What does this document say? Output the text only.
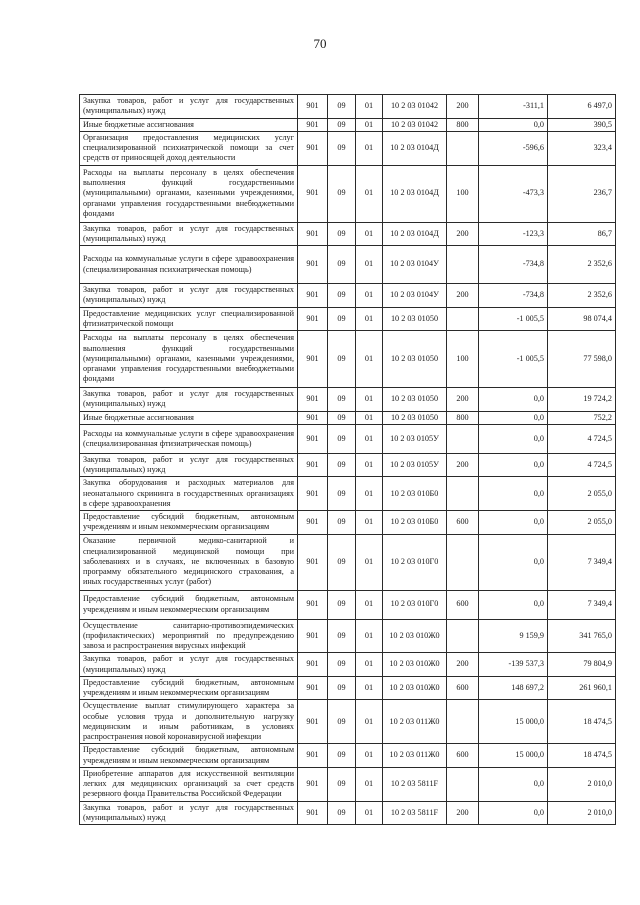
70
Закупка товаров, работ и услуг для государственных (муниципальных) нужд	901	09	01	10 2 03 01042	200	-311,1	6 497,0
Иные бюджетные ассигнования	901	09	01	10 2 03 01042	800	0,0	390,5
Организация предоставления медицинских услуг специализированной психиатрической помощи за счет средств от приносящей доход деятельности	901	09	01	10 2 03 0104Д		-596,6	323,4
Расходы на выплаты персоналу в целях обеспечения выполнения функций государственными (муниципальными) органами, казенными учреждениями, органами управления государственными внебюджетными фондами	901	09	01	10 2 03 0104Д	100	-473,3	236,7
Закупка товаров, работ и услуг для государственных (муниципальных) нужд	901	09	01	10 2 03 0104Д	200	-123,3	86,7
Расходы на коммунальные услуги в сфере здравоохранения (специализированная психиатрическая помощь)	901	09	01	10 2 03 0104У		-734,8	2 352,6
Закупка товаров, работ и услуг для государственных (муниципальных) нужд	901	09	01	10 2 03 0104У	200	-734,8	2 352,6
Предоставление медицинских услуг специализированной фтизиатрической помощи	901	09	01	10 2 03 01050		-1 005,5	98 074,4
Расходы на выплаты персоналу в целях обеспечения выполнения функций государственными (муниципальными) органами, казенными учреждениями, органами управления государственными внебюджетными фондами	901	09	01	10 2 03 01050	100	-1 005,5	77 598,0
Закупка товаров, работ и услуг для государственных (муниципальных) нужд	901	09	01	10 2 03 01050	200	0,0	19 724,2
Иные бюджетные ассигнования	901	09	01	10 2 03 01050	800	0,0	752,2
Расходы на коммунальные услуги в сфере здравоохранения (специализированная фтизиатрическая помощь)	901	09	01	10 2 03 0105У		0,0	4 724,5
Закупка товаров, работ и услуг для государственных (муниципальных) нужд	901	09	01	10 2 03 0105У	200	0,0	4 724,5
Закупка оборудования и расходных материалов для неонатального скрининга в государственных организациях в сфере здравоохранения	901	09	01	10 2 03 010Б0		0,0	2 055,0
Предоставление субсидий бюджетным, автономным учреждениям и иным некоммерческим организациям	901	09	01	10 2 03 010Б0	600	0,0	2 055,0
Оказание первичной медико-санитарной и специализированной медицинской помощи при заболеваниях и в случаях, не включенных в базовую программу обязательного медицинского страхования, а иных государственных услуг (работ)	901	09	01	10 2 03 010Г0		0,0	7 349,4
Предоставление субсидий бюджетным, автономным учреждениям и иным некоммерческим организациям	901	09	01	10 2 03 010Г0	600	0,0	7 349,4
Осуществление санитарно-противоэпидемических (профилактических) мероприятий по предупреждению завоза и распространения вирусных инфекций	901	09	01	10 2 03 010Ж0		9 159,9	341 765,0
Закупка товаров, работ и услуг для государственных (муниципальных) нужд	901	09	01	10 2 03 010Ж0	200	-139 537,3	79 804,9
Предоставление субсидий бюджетным, автономным учреждениям и иным некоммерческим организациям	901	09	01	10 2 03 010Ж0	600	148 697,2	261 960,1
Осуществление выплат стимулирующего характера за особые условия труда и дополнительную нагрузку медицинским и иным работникам, в условиях распространения новой коронавирусной инфекции	901	09	01	10 2 03 011Ж0		15 000,0	18 474,5
Предоставление субсидий бюджетным, автономным учреждениям и иным некоммерческим организациям	901	09	01	10 2 03 011Ж0	600	15 000,0	18 474,5
Приобретение аппаратов для искусственной вентиляции легких для медицинских организаций за счет средств резервного фонда Правительства Российской Федерации	901	09	01	10 2 03 5811F		0,0	2 010,0
Закупка товаров, работ и услуг для государственных (муниципальных) нужд	901	09	01	10 2 03 5811F	200	0,0	2 010,0
